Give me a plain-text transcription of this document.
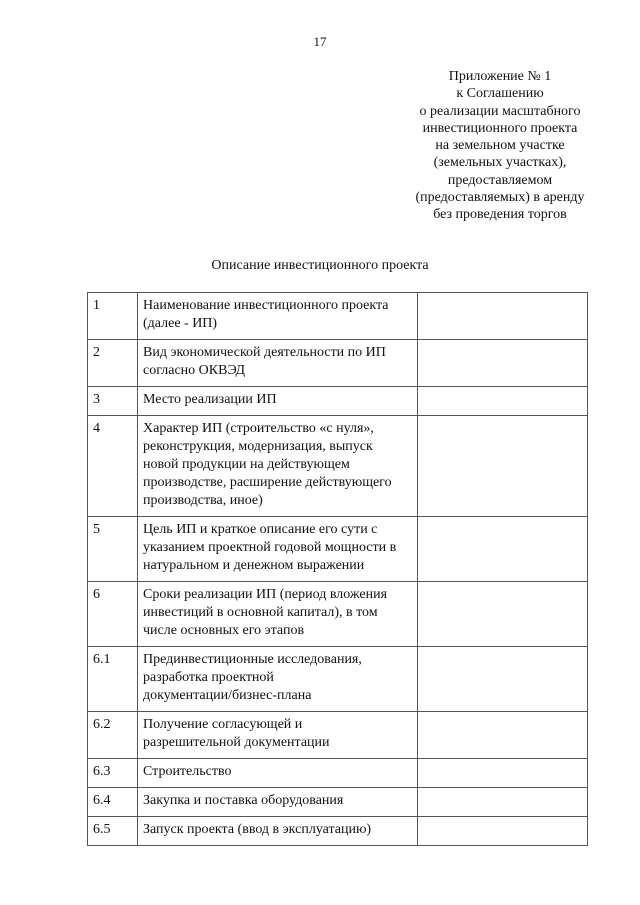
17
Приложение № 1
к Соглашению
о реализации масштабного
инвестиционного проекта
на земельном участке
(земельных участках),
предоставляемом
(предоставляемых) в аренду
без проведения торгов
Описание инвестиционного проекта
1	Наименование инвестиционного проекта
(далее - ИП)	

2	Вид экономической деятельности по ИП
согласно ОКВЭД	

3	Место реализации ИП	

4	Характер ИП (строительство «с нуля»,
реконструкция, модернизация, выпуск
новой продукции на действующем
производстве, расширение действующего
производства, иное)	

5	Цель ИП и краткое описание его сути с
указанием проектной годовой мощности в
натуральном и денежном выражении	

6	Сроки реализации ИП (период вложения
инвестиций в основной капитал), в том
числе основных его этапов	

6.1	Прединвестиционные исследования,
разработка проектной
документации/бизнес-плана	

6.2	Получение согласующей и
разрешительной документации	

6.3	Строительство	

6.4	Закупка и поставка оборудования	

6.5	Запуск проекта (ввод в эксплуатацию)	
